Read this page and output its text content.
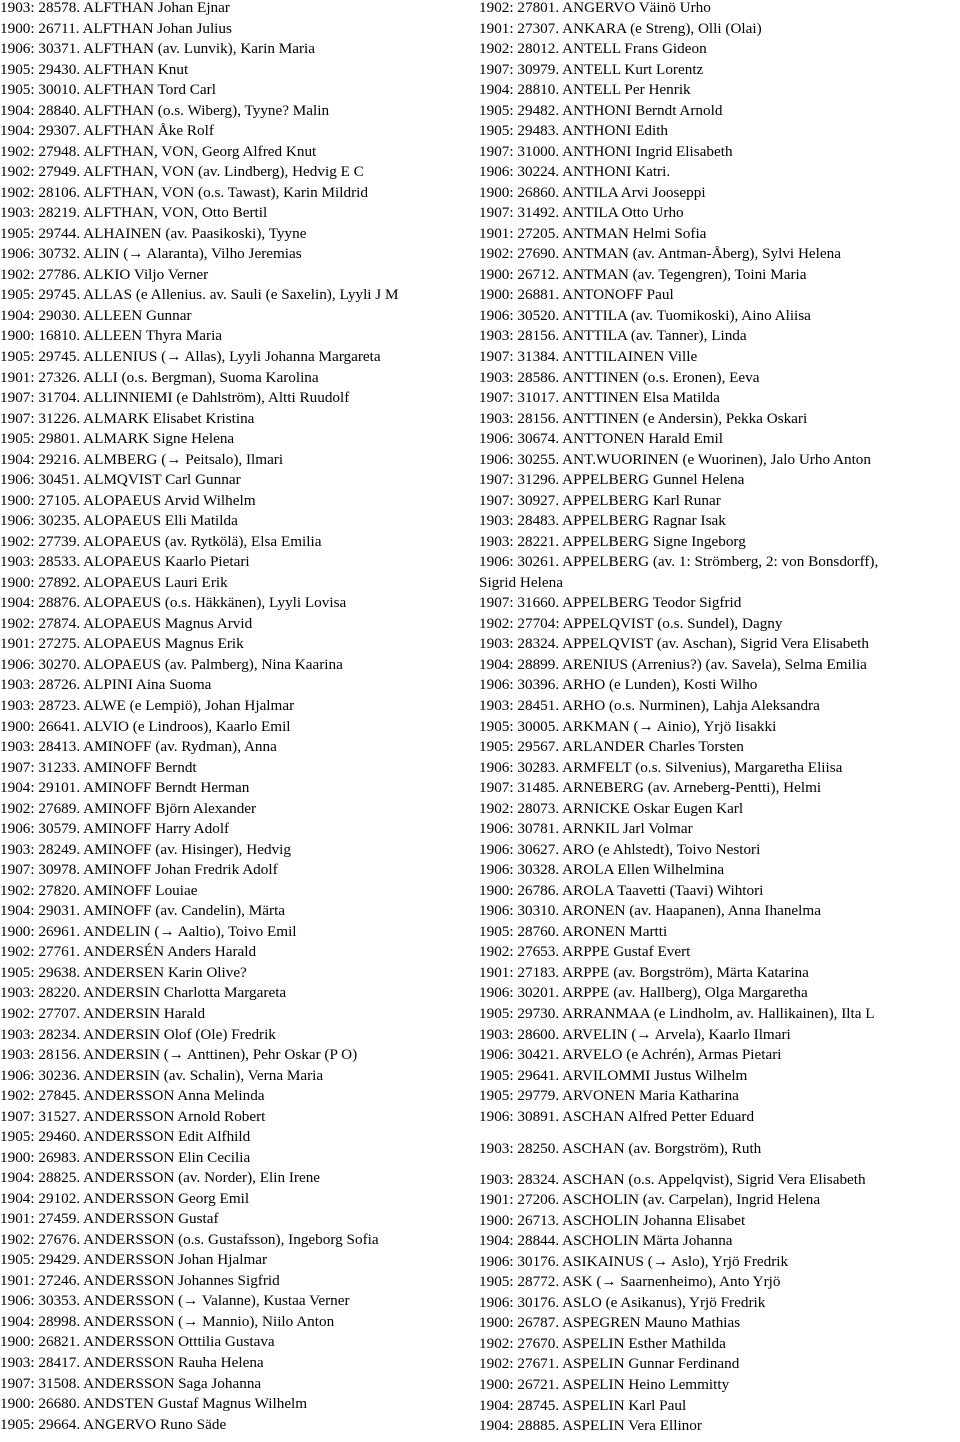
1903: 28578. ALFTHAN Johan Ejnar
1900: 26711. ALFTHAN Johan Julius
1906: 30371. ALFTHAN (av. Lunvik), Karin Maria
1905: 29430. ALFTHAN Knut
1905: 30010. ALFTHAN Tord Carl
1904: 28840. ALFTHAN (o.s. Wiberg), Tyyne? Malin
1904: 29307. ALFTHAN Åke Rolf
1902: 27948. ALFTHAN, VON, Georg Alfred Knut
1902: 27949. ALFTHAN, VON (av. Lindberg), Hedvig E C
1902: 28106. ALFTHAN, VON (o.s. Tawast), Karin Mildrid
1903: 28219. ALFTHAN, VON, Otto Bertil
1905: 29744. ALHAINEN (av. Paasikoski), Tyyne
1906: 30732. ALIN (→ Alaranta), Vilho Jeremias
1902: 27786. ALKIO Viljo Verner
1905: 29745. ALLAS (e Allenius. av. Sauli (e Saxelin), Lyyli J M
1904: 29030. ALLEEN Gunnar
1900: 16810. ALLEEN Thyra Maria
1905: 29745. ALLENIUS (→ Allas), Lyyli Johanna Margareta
1901: 27326. ALLI (o.s. Bergman), Suoma Karolina
1907: 31704. ALLINNIEMI (e Dahlström), Altti Ruudolf
1907: 31226. ALMARK Elisabet Kristina
1905: 29801. ALMARK Signe Helena
1904: 29216. ALMBERG (→ Peitsalo), Ilmari
1906: 30451. ALMQVIST Carl Gunnar
1900: 27105. ALOPAEUS Arvid Wilhelm
1906: 30235. ALOPAEUS Elli Matilda
1902: 27739. ALOPAEUS (av. Rytkölä), Elsa Emilia
1903: 28533. ALOPAEUS Kaarlo Pietari
1900: 27892. ALOPAEUS Lauri Erik
1904: 28876. ALOPAEUS (o.s. Häkkänen), Lyyli Lovisa
1902: 27874. ALOPAEUS Magnus Arvid
1901: 27275. ALOPAEUS Magnus Erik
1906: 30270. ALOPAEUS (av. Palmberg), Nina Kaarina
1903: 28726. ALPINI Aina Suoma
1903: 28723. ALWE (e Lempiö), Johan Hjalmar
1900: 26641. ALVIO (e Lindroos), Kaarlo Emil
1903: 28413. AMINOFF (av. Rydman), Anna
1907: 31233. AMINOFF Berndt
1904: 29101. AMINOFF Berndt Herman
1902: 27689. AMINOFF Björn Alexander
1906: 30579. AMINOFF Harry Adolf
1903: 28249. AMINOFF (av. Hisinger), Hedvig
1907: 30978. AMINOFF Johan Fredrik Adolf
1902: 27820. AMINOFF Louiae
1904: 29031. AMINOFF (av. Candelin), Märta
1900: 26961. ANDELIN (→ Aaltio), Toivo Emil
1902: 27761. ANDERSÉN Anders Harald
1905: 29638. ANDERSEN Karin Olive?
1903: 28220. ANDERSIN Charlotta Margareta
1902: 27707. ANDERSIN Harald
1903: 28234. ANDERSIN Olof (Ole) Fredrik
1903: 28156. ANDERSIN (→ Anttinen), Pehr Oskar (P O)
1906: 30236. ANDERSIN (av. Schalin), Verna Maria
1902: 27845. ANDERSSON Anna Melinda
1907: 31527. ANDERSSON Arnold Robert
1905: 29460. ANDERSSON Edit Alfhild
1900: 26983. ANDERSSON Elin Cecilia
1904: 28825. ANDERSSON (av. Norder), Elin Irene
1904: 29102. ANDERSSON Georg Emil
1901: 27459. ANDERSSON Gustaf
1902: 27676. ANDERSSON (o.s. Gustafsson), Ingeborg Sofia
1905: 29429. ANDERSSON Johan Hjalmar
1901: 27246. ANDERSSON Johannes Sigfrid
1906: 30353. ANDERSSON (→ Valanne), Kustaa Verner
1904: 28998. ANDERSSON (→ Mannio), Niilo Anton
1900: 26821. ANDERSSON Otttilia Gustava
1903: 28417. ANDERSSON Rauha Helena
1907: 31508. ANDERSSON Saga Johanna
1900: 26680. ANDSTEN Gustaf Magnus Wilhelm
1905: 29664. ANGERVO Runo Säde
1902: 27801. ANGERVO Väinö Urho
1901: 27307. ANKARA (e Streng), Olli (Olai)
1902: 28012. ANTELL Frans Gideon
1907: 30979. ANTELL Kurt Lorentz
1904: 28810. ANTELL Per Henrik
1905: 29482. ANTHONI Berndt Arnold
1905: 29483. ANTHONI Edith
1907: 31000. ANTHONI Ingrid Elisabeth
1906: 30224. ANTHONI Katri.
1900: 26860. ANTILA Arvi Jooseppi
1907: 31492. ANTILA Otto Urho
1901: 27205. ANTMAN Helmi Sofia
1902: 27690. ANTMAN (av. Antman-Åberg), Sylvi Helena
1900: 26712. ANTMAN (av. Tegengren), Toini Maria
1900: 26881. ANTONOFF Paul
1906: 30520. ANTTILA (av. Tuomikoski), Aino Aliisa
1903: 28156. ANTTILA (av. Tanner), Linda
1907: 31384. ANTTILAINEN Ville
1903: 28586. ANTTINEN (o.s. Eronen), Eeva
1907: 31017. ANTTINEN Elsa Matilda
1903: 28156. ANTTINEN (e Andersin), Pekka Oskari
1906: 30674. ANTTONEN Harald Emil
1906: 30255. ANT.WUORINEN (e Wuorinen), Jalo Urho Anton
1907: 31296. APPELBERG Gunnel Helena
1907: 30927. APPELBERG Karl Runar
1903: 28483. APPELBERG Ragnar Isak
1903: 28221. APPELBERG Signe Ingeborg
1906: 30261. APPELBERG (av. 1: Strömberg, 2: von Bonsdorff),
Sigrid Helena
1907: 31660. APPELBERG Teodor Sigfrid
1902: 27704: APPELQVIST (o.s. Sundel), Dagny
1903: 28324. APPELQVIST (av. Aschan), Sigrid Vera Elisabeth
1904: 28899. ARENIUS (Arrenius?) (av. Savela), Selma Emilia
1906: 30396. ARHO (e Lunden), Kosti Wilho
1903: 28451. ARHO (o.s. Nurminen), Lahja Aleksandra
1905: 30005. ARKMAN (→ Ainio), Yrjö Iisakki
1905: 29567. ARLANDER Charles Torsten
1906: 30283. ARMFELT (o.s. Silvenius), Margaretha Eliisa
1907: 31485. ARNEBERG (av. Arneberg-Pentti), Helmi
1902: 28073. ARNICKE Oskar Eugen Karl
1906: 30781. ARNKIL Jarl Volmar
1906: 30627. ARO (e Ahlstedt), Toivo Nestori
1906: 30328. AROLA Ellen Wilhelmina
1900: 26786. AROLA Taavetti (Taavi) Wihtori
1906: 30310. ARONEN (av. Haapanen), Anna Ihanelma
1905: 28760. ARONEN Martti
1902: 27653. ARPPE Gustaf Evert
1901: 27183. ARPPE (av. Borgström), Märta Katarina
1906: 30201. ARPPE (av. Hallberg), Olga Margaretha
1905: 29730. ARRANMAA (e Lindholm, av. Hallikainen), Ilta L
1903: 28600. ARVELIN (→ Arvela), Kaarlo Ilmari
1906: 30421. ARVELO (e Achrén), Armas Pietari
1905: 29641. ARVILOMMI Justus Wilhelm
1905: 29779. ARVONEN Maria Katharina
1906: 30891. ASCHAN Alfred Petter Eduard
1903: 28250. ASCHAN (av. Borgström), Ruth
1903: 28324. ASCHAN (o.s. Appelqvist), Sigrid Vera Elisabeth
1901: 27206. ASCHOLIN (av. Carpelan), Ingrid Helena
1900: 26713. ASCHOLIN Johanna Elisabet
1904: 28844. ASCHOLIN Märta Johanna
1906: 30176. ASIKAINUS (→ Aslo), Yrjö Fredrik
1905: 28772. ASK (→ Saarnenheimo), Anto Yrjö
1906: 30176. ASLO (e Asikanus), Yrjö Fredrik
1900: 26787. ASPEGREN Mauno Mathias
1902: 27670. ASPELIN Esther Mathilda
1902: 27671. ASPELIN Gunnar Ferdinand
1900: 26721. ASPELIN Heino Lemmitty
1904: 28745. ASPELIN Karl Paul
1904: 28885. ASPELIN Vera Ellinor
